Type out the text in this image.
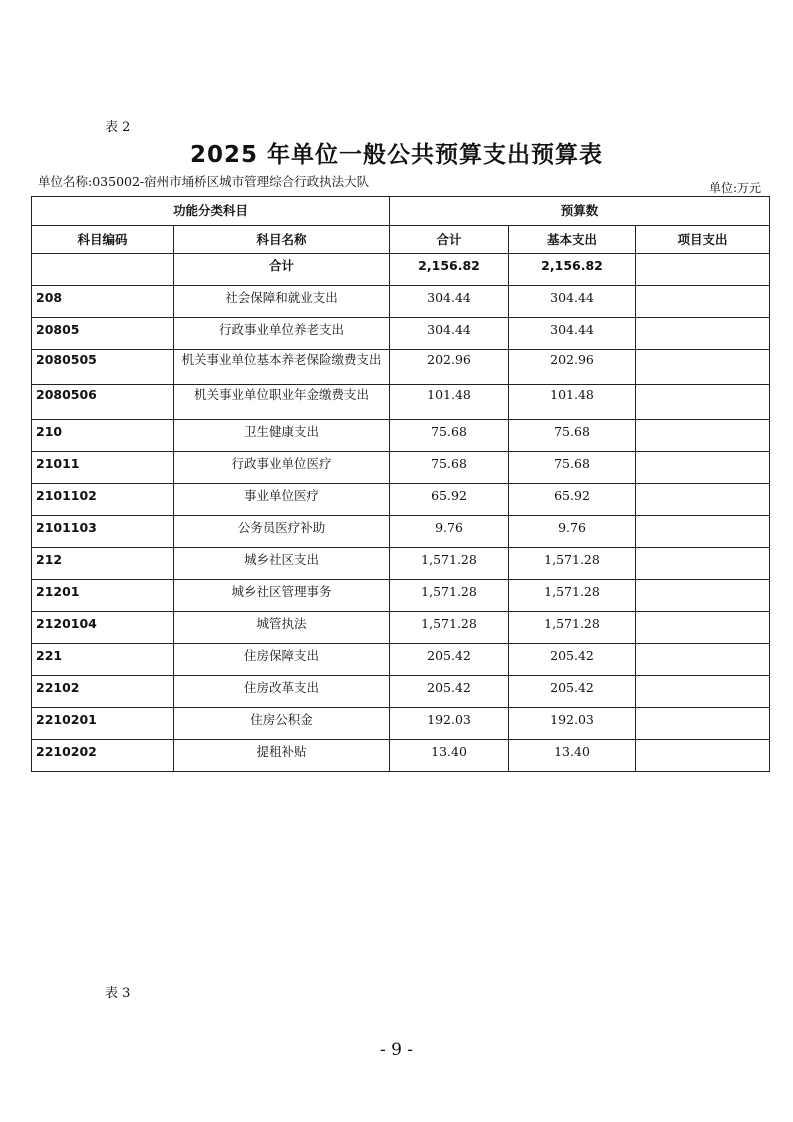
表 2
2025 年单位一般公共预算支出预算表
单位名称:035002-宿州市埇桥区城市管理综合行政执法大队	单位:万元
功能分类科目		预算数		
科目编码	科目名称	合计	基本支出	项目支出
	合计	2,156.82	2,156.82	
208	社会保障和就业支出	304.44	304.44	
20805	行政事业单位养老支出	304.44	304.44	
2080505	机关事业单位基本养老保险缴费支出	202.96	202.96	
2080506	机关事业单位职业年金缴费支出	101.48	101.48	
210	卫生健康支出	75.68	75.68	
21011	行政事业单位医疗	75.68	75.68	
2101102	事业单位医疗	65.92	65.92	
2101103	公务员医疗补助	9.76	9.76	
212	城乡社区支出	1,571.28	1,571.28	
21201	城乡社区管理事务	1,571.28	1,571.28	
2120104	城管执法	1,571.28	1,571.28	
221	住房保障支出	205.42	205.42	
22102	住房改革支出	205.42	205.42	
2210201	住房公积金	192.03	192.03	
2210202	提租补贴	13.40	13.40	
表 3
- 9 -
